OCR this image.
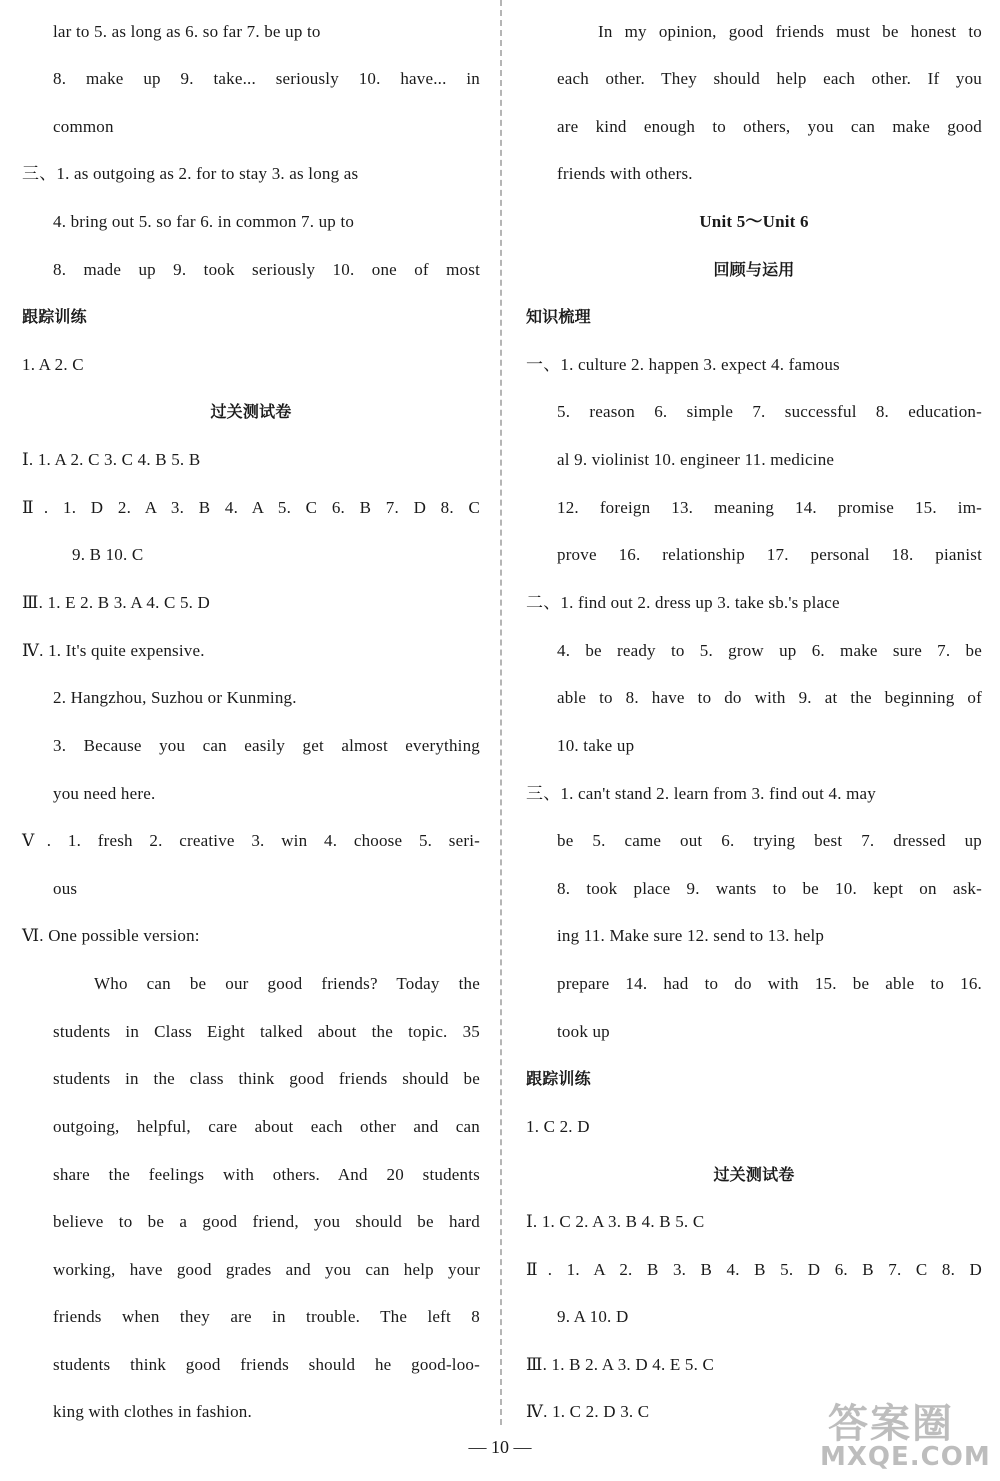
lar to 5. as long as 6. so far 7. be up to
8. make up 9. take... seriously 10. have... in
common
三、1. as outgoing as 2. for to stay 3. as long as
4. bring out 5. so far 6. in common 7. up to
8. made up 9. took seriously 10. one of most
跟踪训练
1. A 2. C
过关测试卷
Ⅰ. 1. A 2. C 3. C 4. B 5. B
Ⅱ. 1. D 2. A 3. B 4. A 5. C 6. B 7. D 8. C
9. B 10. C
Ⅲ. 1. E 2. B 3. A 4. C 5. D
Ⅳ. 1. It's quite expensive.
2. Hangzhou, Suzhou or Kunming.
3. Because you can easily get almost everything
you need here.
Ⅴ. 1. fresh 2. creative 3. win 4. choose 5. seri-
ous
Ⅵ. One possible version:
Who can be our good friends? Today the
students in Class Eight talked about the topic. 35
students in the class think good friends should be
outgoing, helpful, care about each other and can
share the feelings with others. And 20 students
believe to be a good friend, you should be hard
working, have good grades and you can help your
friends when they are in trouble. The left 8
students think good friends should he good-loo-
king with clothes in fashion.
In my opinion, good friends must be honest to
each other. They should help each other. If you
are kind enough to others, you can make good
friends with others.
Unit 5～Unit 6
回顾与运用
知识梳理
一、1. culture 2. happen 3. expect 4. famous
5. reason 6. simple 7. successful 8. education-
al 9. violinist 10. engineer 11. medicine
12. foreign 13. meaning 14. promise 15. im-
prove 16. relationship 17. personal 18. pianist
二、1. find out 2. dress up 3. take sb.'s place
4. be ready to 5. grow up 6. make sure 7. be
able to 8. have to do with 9. at the beginning of
10. take up
三、1. can't stand 2. learn from 3. find out 4. may
be 5. came out 6. trying best 7. dressed up
8. took place 9. wants to be 10. kept on ask-
ing 11. Make sure 12. send to 13. help
prepare 14. had to do with 15. be able to 16.
took up
跟踪训练
1. C 2. D
过关测试卷
Ⅰ. 1. C 2. A 3. B 4. B 5. C
Ⅱ. 1. A 2. B 3. B 4. B 5. D 6. B 7. C 8. D
9. A 10. D
Ⅲ. 1. B 2. A 3. D 4. E 5. C
Ⅳ. 1. C 2. D 3. C
— 10 —	答案圈
MXQE.COM
